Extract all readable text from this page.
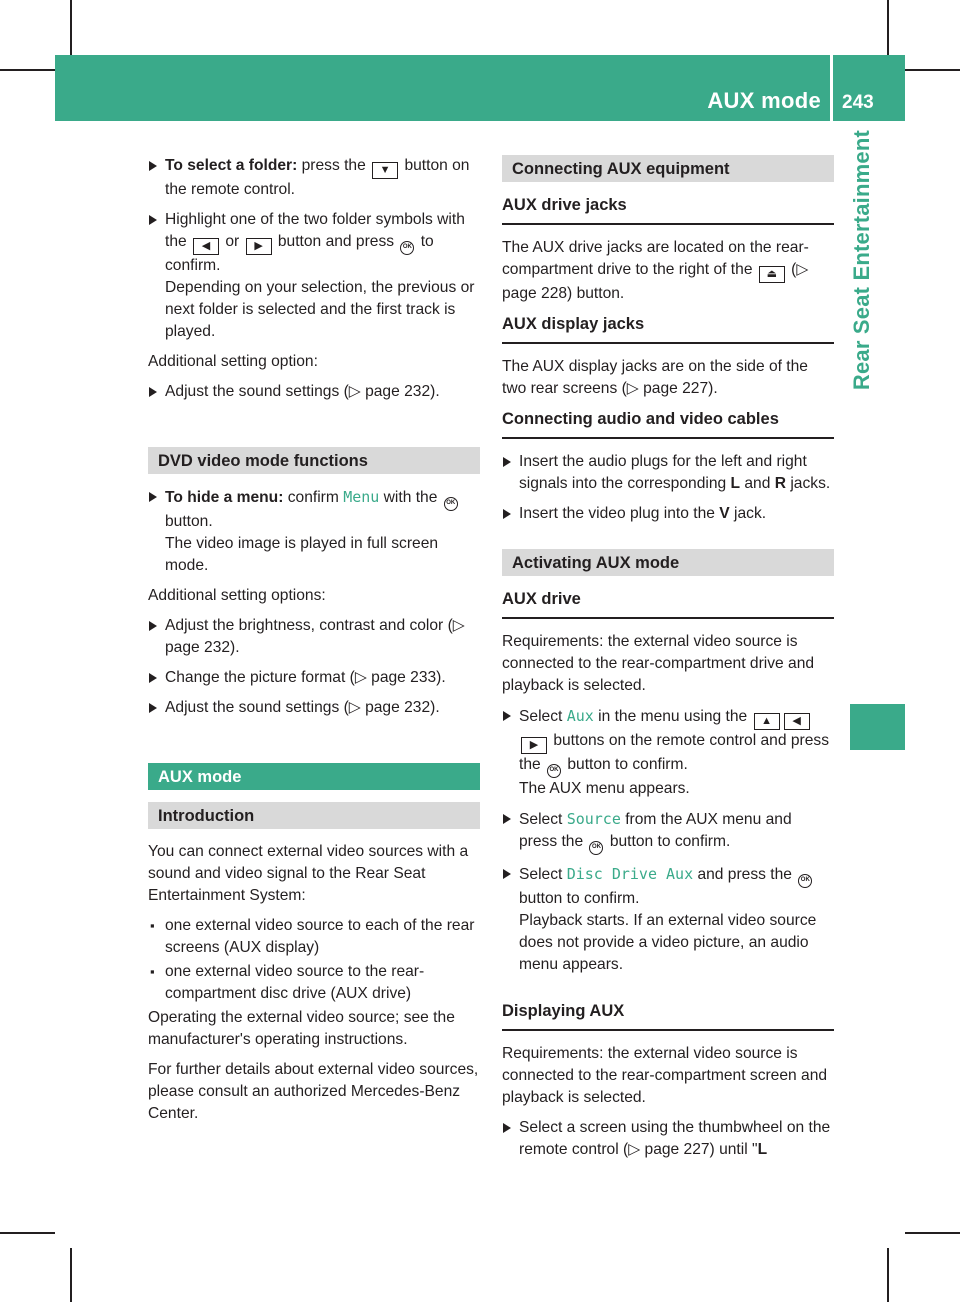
AUX mode 243
Rear Seat Entertainment
To select a folder: press the ▼ button on the remote control.
Highlight one of the two folder symbols with the ◀ or ▶ button and press OK to confirm.
Depending on your selection, the previous or next folder is selected and the first track is played.

Additional setting option:

Adjust the sound settings (▷ page 232).
DVD video mode functions
To hide a menu: confirm Menu with the OK button.
The video image is played in full screen mode.

Additional setting options:

Adjust the brightness, contrast and color (▷ page 232).
Change the picture format (▷ page 233).
Adjust the sound settings (▷ page 232).
AUX mode
Introduction

You can connect external video sources with a sound and video signal to the Rear Seat Entertainment System:

▪ one external video source to each of the rear screens (AUX display)
▪ one external video source to the rear-compartment disc drive (AUX drive)

Operating the external video source; see the manufacturer's operating instructions.

For further details about external video sources, please consult an authorized Mercedes-Benz Center.

Connecting AUX equipment
AUX drive jacks

The AUX drive jacks are located on the rear-compartment drive to the right of the ⏏ (▷ page 228) button.

AUX display jacks

The AUX display jacks are on the side of the two rear screens (▷ page 227).

Connecting audio and video cables
Insert the audio plugs for the left and right signals into the corresponding L and R jacks.
Insert the video plug into the V jack.
Activating AUX mode
AUX drive

Requirements: the external video source is connected to the rear-compartment drive and playback is selected.

Select Aux in the menu using the ▲ ◀▶ buttons on the remote control and press the OK button to confirm.
The AUX menu appears.
Select Source from the AUX menu and press the OK button to confirm.
Select Disc Drive Aux and press the OK button to confirm.
Playback starts. If an external video source does not provide a video picture, an audio menu appears.
Displaying AUX

Requirements: the external video source is connected to the rear-compartment screen and playback is selected.

Select a screen using the thumbwheel on the remote control (▷ page 227) until "L
